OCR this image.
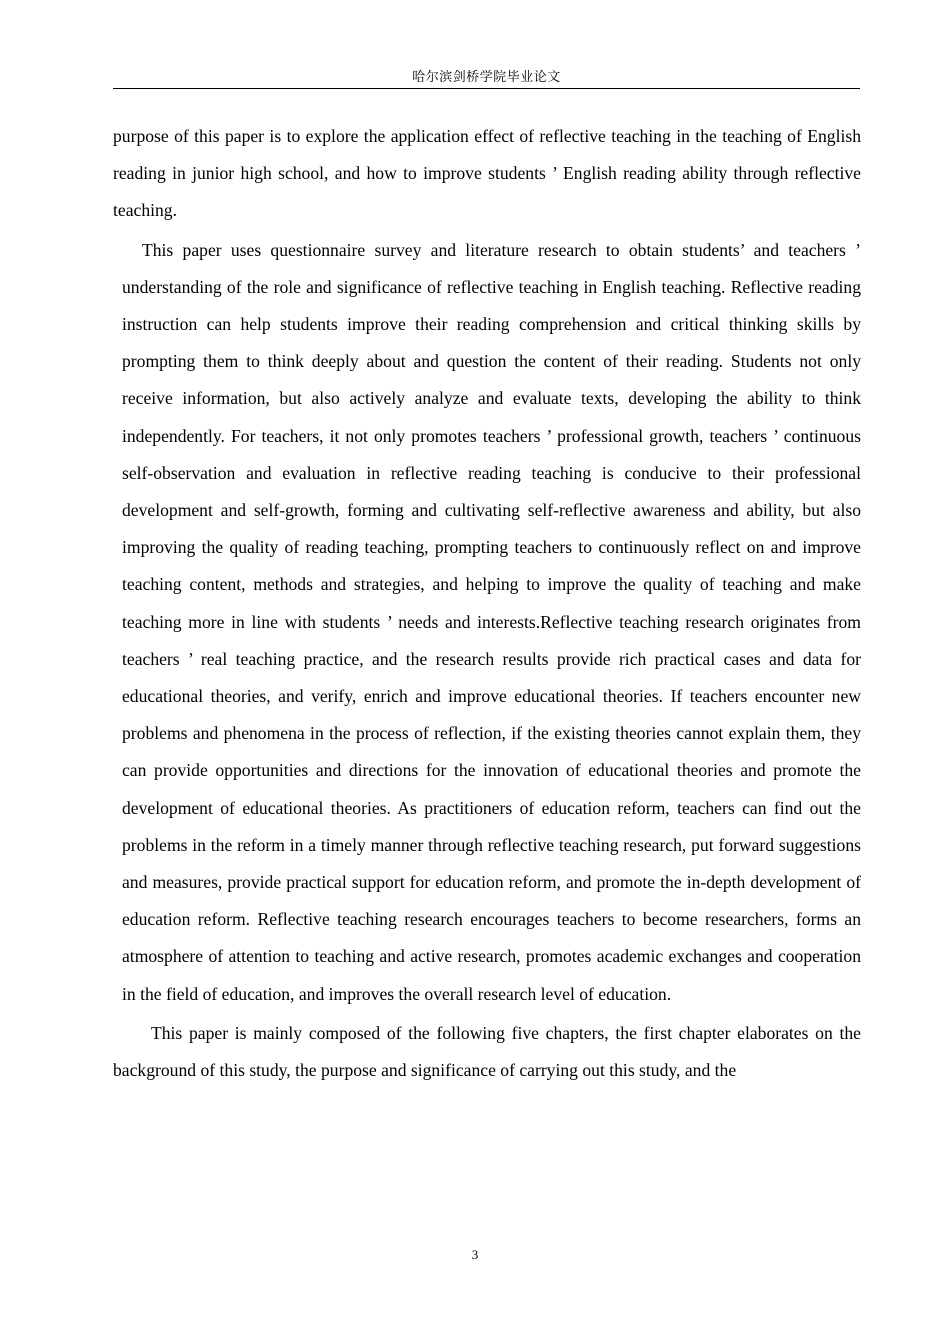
哈尔滨剑桥学院毕业论文

purpose of this paper is to explore the application effect of reflective teaching in the teaching of English reading in junior high school, and how to improve students ’ English reading ability through reflective teaching.

This paper uses questionnaire survey and literature research to obtain students’ and teachers ’ understanding of the role and significance of reflective teaching in English teaching. Reflective reading instruction can help students improve their reading comprehension and critical thinking skills by prompting them to think deeply about and question the content of their reading. Students not only receive information, but also actively analyze and evaluate texts, developing the ability to think independently. For teachers, it not only promotes teachers ’ professional growth, teachers ’ continuous self-observation and evaluation in reflective reading teaching is conducive to their professional development and self-growth, forming and cultivating self-reflective awareness and ability, but also improving the quality of reading teaching, prompting teachers to continuously reflect on and improve teaching content, methods and strategies, and helping to improve the quality of teaching and make teaching more in line with students ’ needs and interests.Reflective teaching research originates from teachers ’ real teaching practice, and the research results provide rich practical cases and data for educational theories, and verify, enrich and improve educational theories. If teachers encounter new problems and phenomena in the process of reflection, if the existing theories cannot explain them, they can provide opportunities and directions for the innovation of educational theories and promote the development of educational theories. As practitioners of education reform, teachers can find out the problems in the reform in a timely manner through reflective teaching research, put forward suggestions and measures, provide practical support for education reform, and promote the in-depth development of education reform. Reflective teaching research encourages teachers to become researchers, forms an atmosphere of attention to teaching and active research, promotes academic exchanges and cooperation in the field of education, and improves the overall research level of education.

This paper is mainly composed of the following five chapters, the first chapter elaborates on the background of this study, the purpose and significance of carrying out this study, and the

3
